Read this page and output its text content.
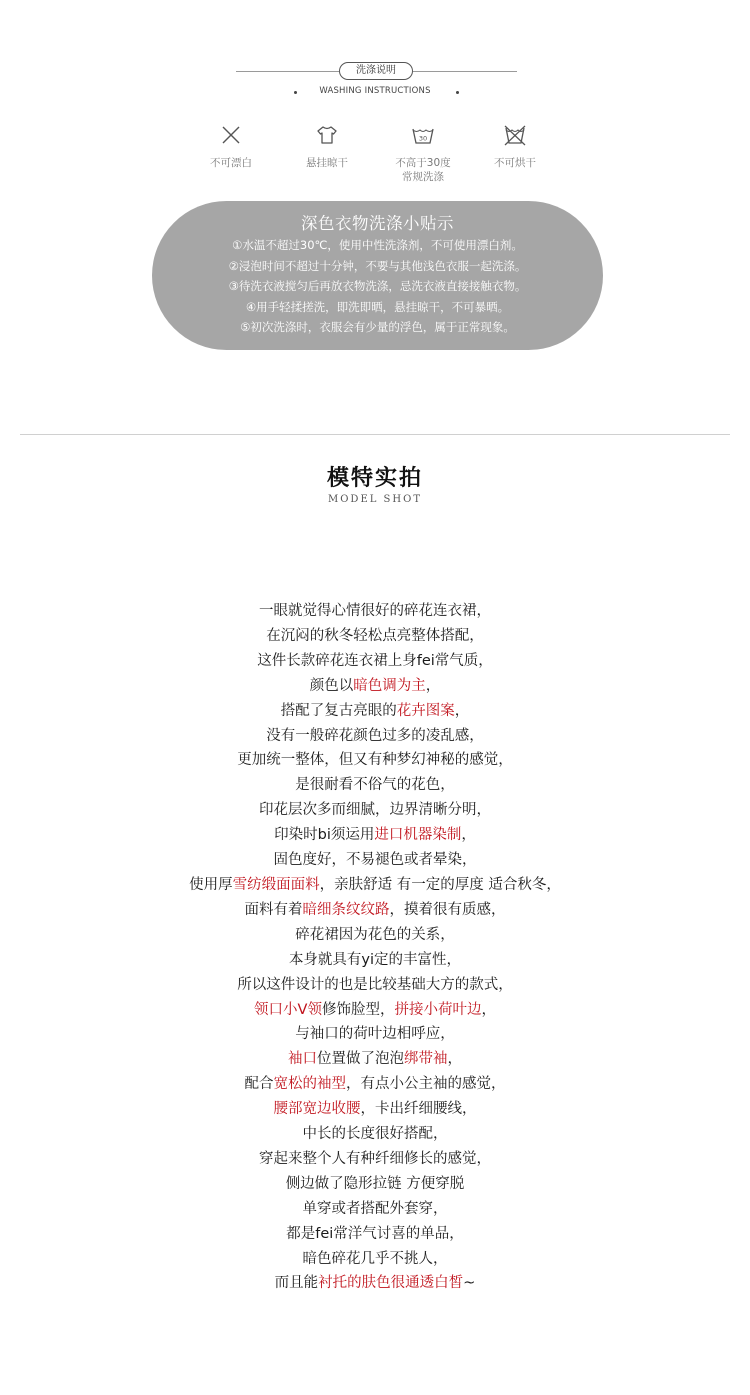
洗涤说明
WASHING INSTRUCTIONS
不可漂白	悬挂晾干
30
不高于30度
常规洗涤
不可烘干
深色衣物洗涤小贴示
①水温不超过30℃，使用中性洗涤剂，不可使用漂白剂。
②浸泡时间不超过十分钟，不要与其他浅色衣服一起洗涤。
③待洗衣液搅匀后再放衣物洗涤，忌洗衣液直接接触衣物。
④用手轻揉搓洗，即洗即晒，悬挂晾干，不可暴晒。
⑤初次洗涤时，衣服会有少量的浮色，属于正常现象。
模特实拍
MODEL SHOT
一眼就觉得心情很好的碎花连衣裙，
在沉闷的秋冬轻松点亮整体搭配，
这件长款碎花连衣裙上身fei常气质，
颜色以暗色调为主，
搭配了复古亮眼的花卉图案，
没有一般碎花颜色过多的凌乱感，
更加统一整体，但又有种梦幻神秘的感觉，
是很耐看不俗气的花色，
印花层次多而细腻，边界清晰分明，
印染时bi须运用进口机器染制，
固色度好，不易褪色或者晕染，
使用厚雪纺缎面面料，亲肤舒适 有一定的厚度 适合秋冬，
面料有着暗细条纹纹路，摸着很有质感，
碎花裙因为花色的关系，
本身就具有yi定的丰富性，
所以这件设计的也是比较基础大方的款式，
领口小V领修饰脸型，拼接小荷叶边，
与袖口的荷叶边相呼应，
袖口位置做了泡泡绑带袖，
配合宽松的袖型，有点小公主袖的感觉，
腰部宽边收腰，卡出纤细腰线，
中长的长度很好搭配，
穿起来整个人有种纤细修长的感觉，
侧边做了隐形拉链 方便穿脱
单穿或者搭配外套穿，
都是fei常洋气讨喜的单品，
暗色碎花几乎不挑人，
而且能衬托的肤色很通透白皙~
